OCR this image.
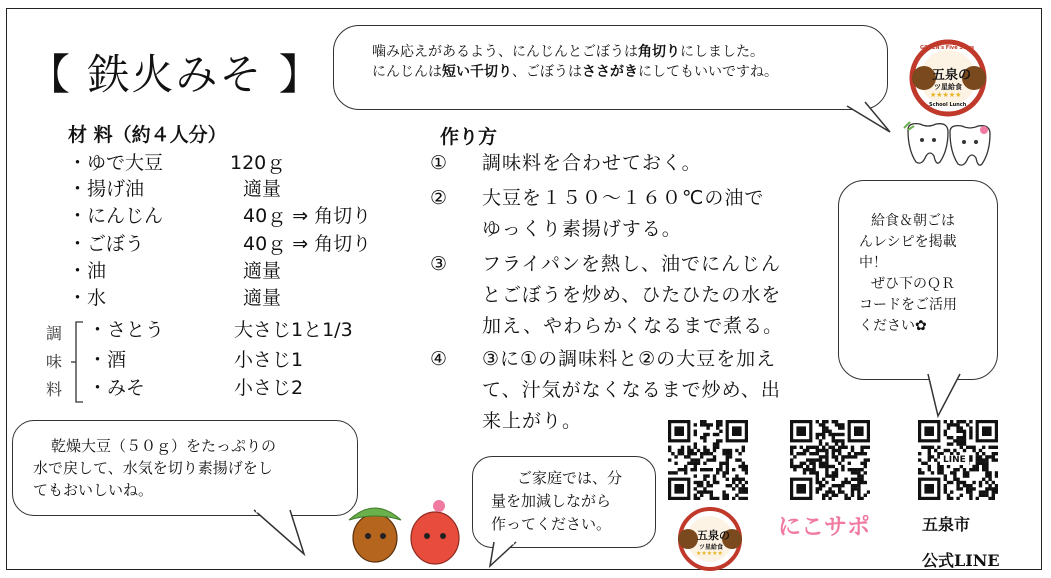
【 鉄火みそ 】	噛み応えがあるよう、にんじんとごぼうは角切りにしました。
にんじんは短い千切り、ごぼうはささがきにしてもいいですね。
GOSEN's Five Stars
五泉の
ツ星給食
★★★★★
School Lunch
材 料（約４人分）
・ゆで大豆	120ｇ
・揚げ油	適量
・にんじん	40ｇ ⇒ 角切り
・ごぼう	40ｇ ⇒ 角切り
・油	適量
・水	適量
調
味
料
・さとう	大さじ1と1/3
・酒	小さじ1
・みそ	小さじ2
作り方
①	調味料を合わせておく。
②	大豆を１５０～１６０℃の油で
ゆっくり素揚げする。
③	フライパンを熱し、油でにんじん
とごぼうを炒め、ひたひたの水を
加え、やわらかくなるまで煮る。
④	③に①の調味料と②の大豆を加え
て、汁気がなくなるまで炒め、出
来上がり。
給食＆朝ごは
んレシピを掲載
中！
ぜひ下のＱＲ
コードをご活用
ください✿
乾燥大豆（５０ｇ）をたっぷりの
水で戻して、水気を切り素揚げをし
てもおいしいね。
ご家庭では、分
量を加減しながら
作ってください。
LINE
五泉の
ツ星給食
★★★★★
にこサポ	五泉市
公式LINE
